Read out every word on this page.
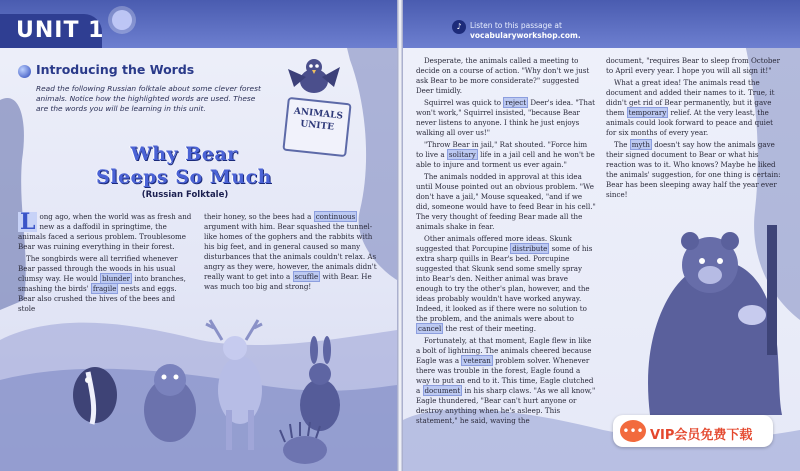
UNIT 1
Introducing the Words
Read the following Russian folktale about some clever forest animals. Notice how the highlighted words are used. These are the words you will be learning in this unit.	ANIMALS UNITE
Why Bear
Sleeps So Much
(Russian Folktale)

L ong ago, when the world was as fresh and new as a daffodil in springtime, the animals faced a serious problem. Troublesome Bear was ruining everything in their forest.

The songbirds were all terrified whenever Bear passed through the woods in his usual clumsy way. He would blunder into branches, smashing the birds' fragile nests and eggs. Bear also crushed the hives of the bees and stole

their honey, so the bees had a continuous argument with him. Bear squashed the tunnel-like homes of the gophers and the rabbits with his big feet, and in general caused so many disturbances that the animals couldn't relax. As angry as they were, however, the animals didn't really want to get into a scuffle with Bear. He was much too big and strong!

♪	Listen to this passage at
vocabularyworkshop.com.

Desperate, the animals called a meeting to decide on a course of action. "Why don't we just ask Bear to be more considerate?" suggested Deer timidly.

Squirrel was quick to reject Deer's idea. "That won't work," Squirrel insisted, "because Bear never listens to anyone. I think he just enjoys walking all over us!"

"Throw Bear in jail," Rat shouted. "Force him to live a solitary life in a jail cell and he won't be able to injure and torment us ever again."

The animals nodded in approval at this idea until Mouse pointed out an obvious problem. "We don't have a jail," Mouse squeaked, "and if we did, someone would have to feed Bear in his cell." The very thought of feeding Bear made all the animals shake in fear.

Other animals offered more ideas. Skunk suggested that Porcupine distribute some of his extra sharp quills in Bear's bed. Porcupine suggested that Skunk send some smelly spray into Bear's den. Neither animal was brave enough to try the other's plan, however, and the ideas probably wouldn't have worked anyway. Indeed, it looked as if there were no solution to the problem, and the animals were about to cancel the rest of their meeting.

Fortunately, at that moment, Eagle flew in like a bolt of lightning. The animals cheered because Eagle was a veteran problem solver. Whenever there was trouble in the forest, Eagle found a way to put an end to it. This time, Eagle clutched a document in his sharp claws. "As we all know," Eagle thundered, "Bear can't hurt anyone or destroy anything when he's asleep. This statement," he said, waving the

document, "requires Bear to sleep from October to April every year. I hope you will all sign it!"

What a great idea! The animals read the document and added their names to it. True, it didn't get rid of Bear permanently, but it gave them temporary relief. At the very least, the animals could look forward to peace and quiet for six months of every year.

The myth doesn't say how the animals gave their signed document to Bear or what his reaction was to it. Who knows? Maybe he liked the animals' suggestion, for one thing is certain: Bear has been sleeping away half the year ever since!

••• VIP会员免费下载
